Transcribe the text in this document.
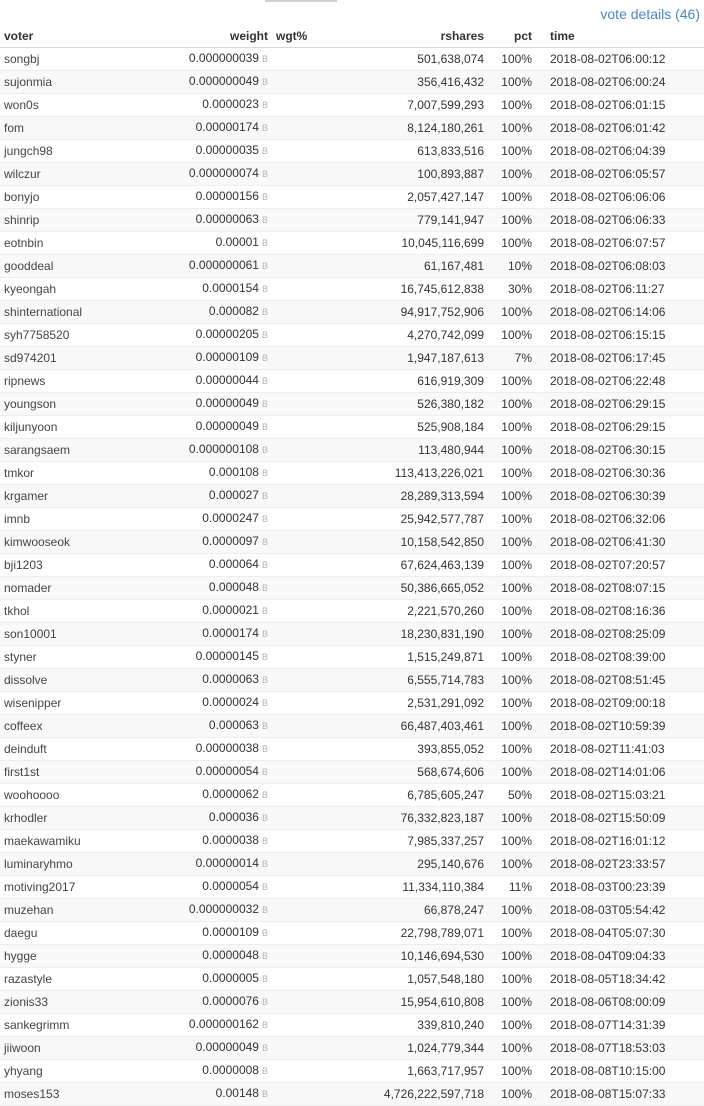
vote details (46)
voter	weight	wgt%	rshares	pct	time
songbj	0.000000039 B		501,638,074	100%	2018-08-02T06:00:12
sujonmia	0.000000049 B		356,416,432	100%	2018-08-02T06:00:24
won0s	0.0000023 B		7,007,599,293	100%	2018-08-02T06:01:15
fom	0.00000174 B		8,124,180,261	100%	2018-08-02T06:01:42
jungch98	0.00000035 B		613,833,516	100%	2018-08-02T06:04:39
wilczur	0.000000074 B		100,893,887	100%	2018-08-02T06:05:57
bonyjo	0.00000156 B		2,057,427,147	100%	2018-08-02T06:06:06
shinrip	0.00000063 B		779,141,947	100%	2018-08-02T06:06:33
eotnbin	0.00001 B		10,045,116,699	100%	2018-08-02T06:07:57
gooddeal	0.000000061 B		61,167,481	10%	2018-08-02T06:08:03
kyeongah	0.0000154 B		16,745,612,838	30%	2018-08-02T06:11:27
shinternational	0.000082 B		94,917,752,906	100%	2018-08-02T06:14:06
syh7758520	0.00000205 B		4,270,742,099	100%	2018-08-02T06:15:15
sd974201	0.00000109 B		1,947,187,613	7%	2018-08-02T06:17:45
ripnews	0.00000044 B		616,919,309	100%	2018-08-02T06:22:48
youngson	0.00000049 B		526,380,182	100%	2018-08-02T06:29:15
kiljunyoon	0.00000049 B		525,908,184	100%	2018-08-02T06:29:15
sarangsaem	0.000000108 B		113,480,944	100%	2018-08-02T06:30:15
tmkor	0.000108 B		113,413,226,021	100%	2018-08-02T06:30:36
krgamer	0.000027 B		28,289,313,594	100%	2018-08-02T06:30:39
imnb	0.0000247 B		25,942,577,787	100%	2018-08-02T06:32:06
kimwooseok	0.0000097 B		10,158,542,850	100%	2018-08-02T06:41:30
bji1203	0.000064 B		67,624,463,139	100%	2018-08-02T07:20:57
nomader	0.000048 B		50,386,665,052	100%	2018-08-02T08:07:15
tkhol	0.0000021 B		2,221,570,260	100%	2018-08-02T08:16:36
son10001	0.0000174 B		18,230,831,190	100%	2018-08-02T08:25:09
styner	0.00000145 B		1,515,249,871	100%	2018-08-02T08:39:00
dissolve	0.0000063 B		6,555,714,783	100%	2018-08-02T08:51:45
wisenipper	0.0000024 B		2,531,291,092	100%	2018-08-02T09:00:18
coffeex	0.000063 B		66,487,403,461	100%	2018-08-02T10:59:39
deinduft	0.00000038 B		393,855,052	100%	2018-08-02T11:41:03
first1st	0.00000054 B		568,674,606	100%	2018-08-02T14:01:06
woohoooo	0.0000062 B		6,785,605,247	50%	2018-08-02T15:03:21
krhodler	0.000036 B		76,332,823,187	100%	2018-08-02T15:50:09
maekawamiku	0.0000038 B		7,985,337,257	100%	2018-08-02T16:01:12
luminaryhmo	0.00000014 B		295,140,676	100%	2018-08-02T23:33:57
motiving2017	0.0000054 B		11,334,110,384	11%	2018-08-03T00:23:39
muzehan	0.000000032 B		66,878,247	100%	2018-08-03T05:54:42
daegu	0.0000109 B		22,798,789,071	100%	2018-08-04T05:07:30
hygge	0.0000048 B		10,146,694,530	100%	2018-08-04T09:04:33
razastyle	0.0000005 B		1,057,548,180	100%	2018-08-05T18:34:42
zionis33	0.0000076 B		15,954,610,808	100%	2018-08-06T08:00:09
sankegrimm	0.000000162 B		339,810,240	100%	2018-08-07T14:31:39
jiiwoon	0.00000049 B		1,024,779,344	100%	2018-08-07T18:53:03
yhyang	0.0000008 B		1,663,717,957	100%	2018-08-08T10:15:00
moses153	0.00148 B		4,726,222,597,718	100%	2018-08-08T15:07:33
